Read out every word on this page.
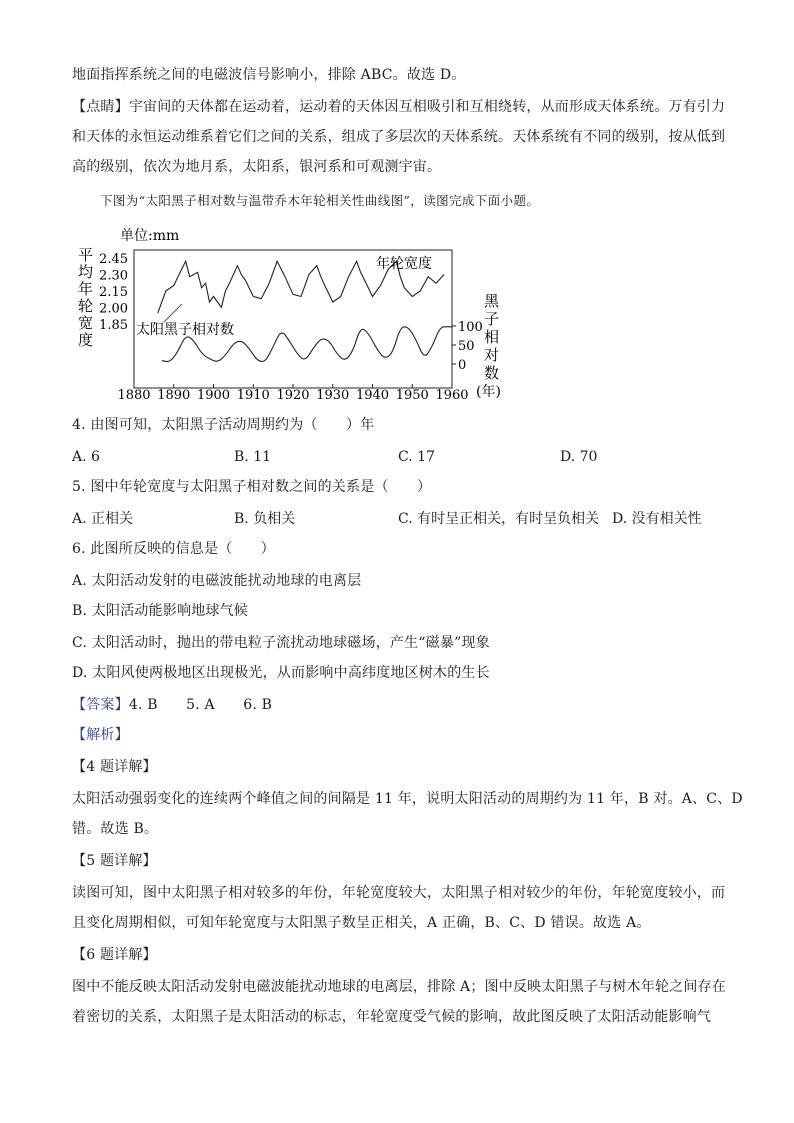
地面指挥系统之间的电磁波信号影响小，排除 ABC。故选 D。
【点睛】宇宙间的天体都在运动着，运动着的天体因互相吸引和互相绕转，从而形成天体系统。万有引力
和天体的永恒运动维系着它们之间的关系，组成了多层次的天体系统。天体系统有不同的级别，按从低到
高的级别，依次为地月系，太阳系，银河系和可观测宇宙。
下图为“太阳黑子相对数与温带乔木年轮相关性曲线图”，读图完成下面小题。
单位:mm
平
均
年
轮
宽
度
黑
子
相
对
数
2.45
2.30
2.15
2.00
1.85	100
50
0
1880 1890 1900 1910 1920 1930 1940 1950 1960
年轮宽度
太阳黑子相对数
(年)
4. 由图可知，太阳黑子活动周期约为（　　）年
A. 6	B. 11	C. 17	D. 70
5. 图中年轮宽度与太阳黑子相对数之间的关系是（　　）
A. 正相关	B. 负相关	C. 有时呈正相关，有时呈负相关 D. 没有相关性
6. 此图所反映的信息是（　　）
A. 太阳活动发射的电磁波能扰动地球的电离层
B. 太阳活动能影响地球气候
C. 太阳活动时，抛出的带电粒子流扰动地球磁场，产生“磁暴”现象
D. 太阳风使两极地区出现极光，从而影响中高纬度地区树木的生长
【答案】4. B　　5. A　　6. B
【解析】
【4 题详解】
太阳活动强弱变化的连续两个峰值之间的间隔是 11 年，说明太阳活动的周期约为 11 年，B 对。A、C、D
错。故选 B。
【5 题详解】
读图可知，图中太阳黑子相对较多的年份，年轮宽度较大，太阳黑子相对较少的年份，年轮宽度较小，而
且变化周期相似，可知年轮宽度与太阳黑子数呈正相关，A 正确，B、C、D 错误。故选 A。
【6 题详解】
图中不能反映太阳活动发射电磁波能扰动地球的电离层，排除 A；图中反映太阳黑子与树木年轮之间存在
着密切的关系，太阳黑子是太阳活动的标志，年轮宽度受气候的影响，故此图反映了太阳活动能影响气
